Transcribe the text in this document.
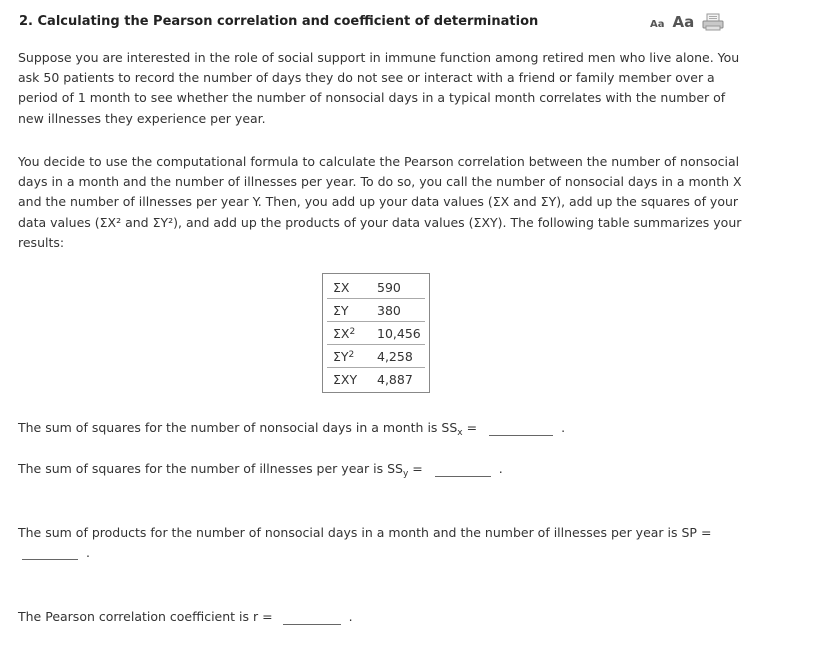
2. Calculating the Pearson correlation and coefficient of determination	Aa Aa
Suppose you are interested in the role of social support in immune function among retired men who live alone. You ask 50 patients to record the number of days they do not see or interact with a friend or family member over a period of 1 month to see whether the number of nonsocial days in a typical month correlates with the number of new illnesses they experience per year.
You decide to use the computational formula to calculate the Pearson correlation between the number of nonsocial days in a month and the number of illnesses per year. To do so, you call the number of nonsocial days in a month X and the number of illnesses per year Y. Then, you add up your data values (ΣX and ΣY), add up the squares of your data values (ΣX² and ΣY²), and add up the products of your data values (ΣXY). The following table summarizes your results:
ΣX	590
ΣY	380
$\Sigma X^2$	10,456
$\Sigma Y^2$	4,258
ΣXY	4,887
The sum of squares for the number of nonsocial days in a month is $SS_x$ =	.
The sum of squares for the number of illnesses per year is $SS_y$ =	.
The sum of products for the number of nonsocial days in a month and the number of illnesses per year is SP =
.
The Pearson correlation coefficient is r =	.
